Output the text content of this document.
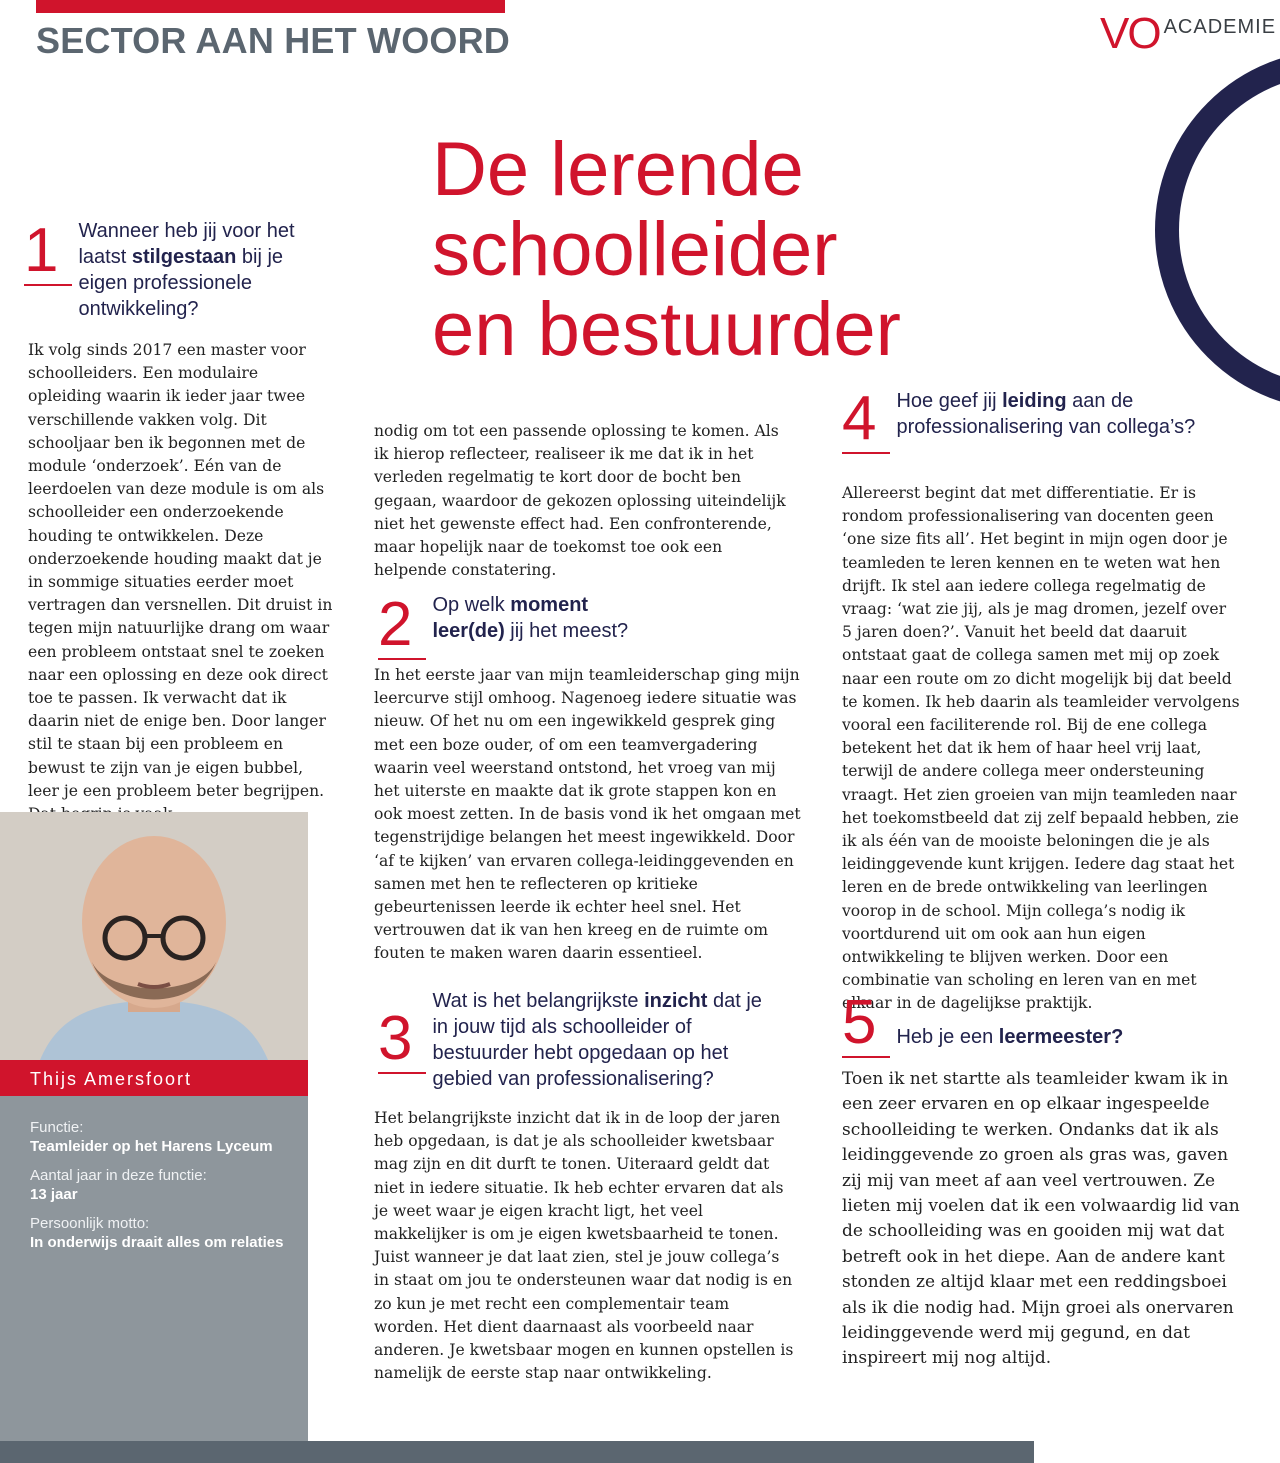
SECTOR AAN HET WOORD	VO ACADEMIE
De lerende
schoolleider
en bestuurder
1	Wanneer heb jij voor het laatst stilgestaan bij je eigen professionele ontwikkeling?
Ik volg sinds 2017 een master voor schoolleiders. Een modulaire opleiding waarin ik ieder jaar twee verschillende vakken volg. Dit schooljaar ben ik begonnen met de module ‘onderzoek’. Eén van de leerdoelen van deze module is om als schoolleider een onderzoekende houding te ontwikkelen. Deze onderzoekende houding maakt dat je in sommige situaties eerder moet vertragen dan versnellen. Dit druist in tegen mijn natuurlijke drang om waar een probleem ontstaat snel te zoeken naar een oplossing en deze ook direct toe te passen. Ik verwacht dat ik daarin niet de enige ben. Door langer stil te staan bij een probleem en bewust te zijn van je eigen bubbel, leer je een probleem beter begrijpen.
nodig om tot een passende oplossing te komen. Als ik hierop reflecteer, realiseer ik me dat ik in het verleden regelmatig te kort door de bocht ben gegaan, waardoor de gekozen oplossing uiteindelijk niet het gewenste effect had. Een confronterende, maar hopelijk naar de toekomst toe ook een helpende constatering.
2	Op welk moment leer(de) jij het meest?
In het eerste jaar van mijn teamleiderschap ging mijn leercurve stijl omhoog. Nagenoeg iedere situatie was nieuw. Of het nu om een ingewikkeld gesprek ging met een boze ouder, of om een teamvergadering waarin veel weerstand ontstond, het vroeg van mij het uiterste en maakte dat ik grote stappen kon en ook moest zetten. In de basis vond ik het omgaan met tegenstrijdige belangen het meest ingewikkeld. Door ‘af te kijken’ van ervaren collega-leidinggevenden en samen met hen te reflecteren op kritieke gebeurtenissen leerde ik echter heel snel. Het vertrouwen dat ik van hen kreeg en de ruimte om fouten te maken waren daarin essentieel.
3
Wat is het belangrijkste inzicht dat je in jouw tijd als schoolleider of bestuurder hebt opgedaan op het gebied van professionalisering?
Het belangrijkste inzicht dat ik in de loop der jaren heb opgedaan, is dat je als schoolleider kwetsbaar mag zijn en dit durft te tonen. Uiteraard geldt dat niet in iedere situatie. Ik heb echter ervaren dat als je weet waar je eigen kracht ligt, het veel makkelijker is om je eigen kwetsbaarheid te tonen. Juist wanneer je dat laat zien, stel je jouw collega’s in staat om jou te ondersteunen waar dat nodig is en zo kun je met recht een complementair team worden. Het dient daarnaast als voorbeeld naar anderen. Je kwetsbaar mogen en kunnen opstellen is namelijk de eerste stap naar ontwikkeling.
4	Hoe geef jij leiding aan de professionalisering van collega’s?
Allereerst begint dat met differentiatie. Er is rondom professionalisering van docenten geen ‘one size fits all’. Het begint in mijn ogen door je teamleden te leren kennen en te weten wat hen drijft. Ik stel aan iedere collega regelmatig de vraag: ‘wat zie jij, als je mag dromen, jezelf over 5 jaren doen?’. Vanuit het beeld dat daaruit ontstaat gaat de collega samen met mij op zoek naar een route om zo dicht mogelijk bij dat beeld te komen. Ik heb daarin als teamleider vervolgens vooral een faciliterende rol. Bij de ene collega betekent het dat ik hem of haar heel vrij laat, terwijl de andere collega meer ondersteuning vraagt. Het zien groeien van mijn teamleden naar het toekomstbeeld dat zij zelf bepaald hebben, zie ik als één van de mooiste beloningen die je als leidinggevende kunt krijgen. Iedere dag staat het leren en de brede ontwikkeling van leerlingen voorop in de school. Mijn collega’s nodig ik voortdurend uit om ook aan hun eigen ontwikkeling te blijven werken. Door een combinatie van scholing en leren van en met elkaar in de dagelijkse praktijk.
5	Heb je een leermeester?
Toen ik net startte als teamleider kwam ik in een zeer ervaren en op elkaar ingespeelde schoolleiding te werken. Ondanks dat ik als leidinggevende zo groen als gras was, gaven zij mij van meet af aan veel vertrouwen. Ze lieten mij voelen dat ik een volwaardig lid van de schoolleiding was en gooiden mij wat dat betreft ook in het diepe. Aan de andere kant stonden ze altijd klaar met een reddingsboei als ik die nodig had. Mijn groei als onervaren leidinggevende werd mij gegund, en dat inspireert mij nog altijd.
Thijs Amersfoort
Functie:
Teamleider op het Harens Lyceum
Aantal jaar in deze functie:
13 jaar
Persoonlijk motto:
In onderwijs draait alles om relaties
